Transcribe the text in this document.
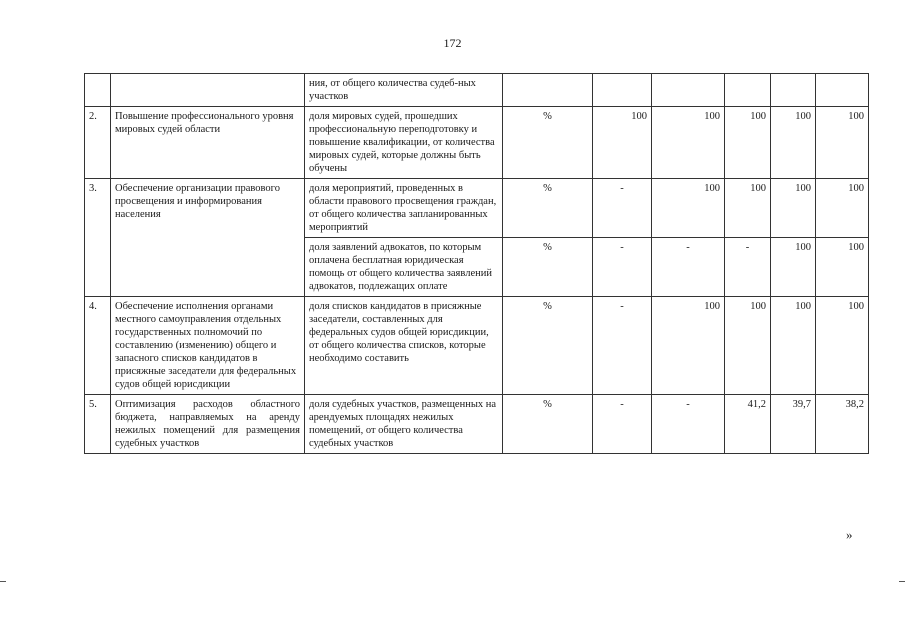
172
		ния, от общего количества судеб-ных участков						
2.	Повышение профессионального уровня мировых судей области	доля мировых судей, прошедших профессиональную переподготовку и повышение квалификации, от количества мировых судей, которые должны быть обучены	%	100	100	100	100	100
3.	Обеспечение организации правового просвещения и информирования населения	доля мероприятий, проведенных в области правового просвещения граждан, от общего количества запланированных мероприятий	%	-	100	100	100	100
		доля заявлений адвокатов, по которым оплачена бесплатная юридическая помощь от общего количества заявлений адвокатов, подлежащих оплате	%	-	-	-	100	100
4.	Обеспечение исполнения органами местного самоуправления отдельных государственных полномочий по составлению (изменению) общего и запасного списков кандидатов в присяжные заседатели для федеральных судов общей юрисдикции	доля списков кандидатов в присяжные заседатели, составленных для федеральных судов общей юрисдикции, от общего количества списков, которые необходимо составить	%	-	100	100	100	100
5.	Оптимизация расходов областного бюджета, направляемых на аренду нежилых помещений для размещения судебных участков	доля судебных участков, размещенных на арендуемых площадях нежилых помещений, от общего количества судебных участков	%	-	-	41,2	39,7	38,2
»
